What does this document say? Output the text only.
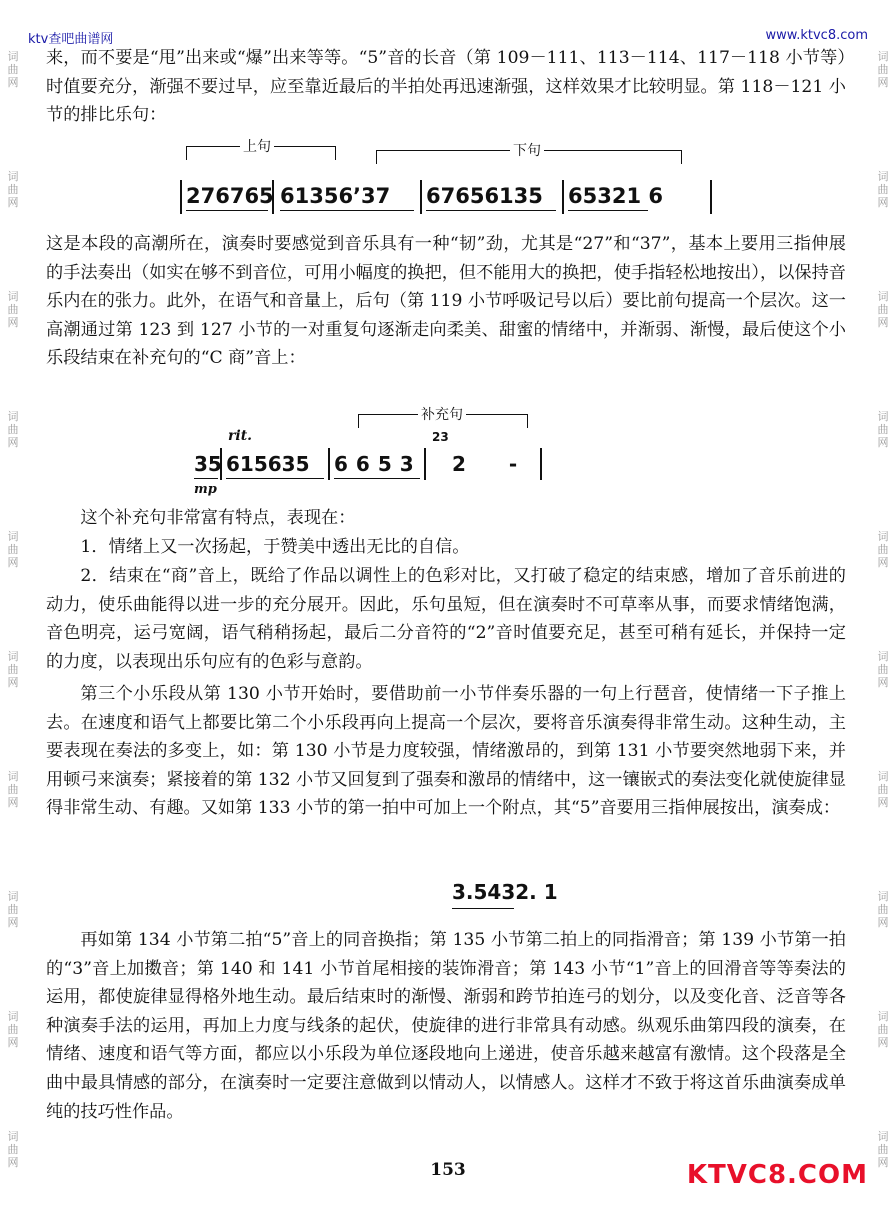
词
曲
网
词
曲
网
词
曲
网
词
曲
网
词
曲
网
词
曲
网
词
曲
网
词
曲
网
词
曲
网
词
曲
网
词
曲
网
词
曲
网
词
曲
网
词
曲
网
词
曲
网
词
曲
网
词
曲
网
词
曲
网
词
曲
网
词
曲
网
ktv查吧曲谱网	www.ktvc8.com

来，而不要是“甩”出来或“爆”出来等等。“5”音的长音（第 109－111、113－114、117－118 小节等）时值要充分，渐强不要过早，应至靠近最后的半拍处再迅速渐强，这样效果才比较明显。第 118－121 小节的排比乐句：

上句	下句
276765 61356’37 67656135 65321 6

这是本段的高潮所在，演奏时要感觉到音乐具有一种“韧”劲，尤其是“27”和“37”，基本上要用三指伸展的手法奏出（如实在够不到音位，可用小幅度的换把，但不能用大的换把，使手指轻松地按出），以保持音乐内在的张力。此外，在语气和音量上，后句（第 119 小节呼吸记号以后）要比前句提高一个层次。这一高潮通过第 123 到 127 小节的一对重复句逐渐走向柔美、甜蜜的情绪中，并渐弱、渐慢，最后使这个小乐段结束在补充句的“C 商”音上：

补充句
rit.	23
35 615635 6653 2 -
mp

这个补充句非常富有特点，表现在：

1．情绪上又一次扬起，于赞美中透出无比的自信。

2．结束在“商”音上，既给了作品以调性上的色彩对比，又打破了稳定的结束感，增加了音乐前进的动力，使乐曲能得以进一步的充分展开。因此，乐句虽短，但在演奏时不可草率从事，而要求情绪饱满，音色明亮，运弓宽阔，语气稍稍扬起，最后二分音符的“2”音时值要充足，甚至可稍有延长，并保持一定的力度，以表现出乐句应有的色彩与意韵。

第三个小乐段从第 130 小节开始时，要借助前一小节伴奏乐器的一句上行琶音，使情绪一下子推上去。在速度和语气上都要比第二个小乐段再向上提高一个层次，要将音乐演奏得非常生动。这种生动，主要表现在奏法的多变上，如：第 130 小节是力度较强，情绪激昂的，到第 131 小节要突然地弱下来，并用顿弓来演奏；紧接着的第 132 小节又回复到了强奏和激昂的情绪中，这一镶嵌式的奏法变化就使旋律显得非常生动、有趣。又如第 133 小节的第一拍中可加上一个附点，其“5”音要用三指伸展按出，演奏成：

3.5432. 1

再如第 134 小节第二拍“5”音上的同音换指；第 135 小节第二拍上的同指滑音；第 139 小节第一拍的“3”音上加擞音；第 140 和 141 小节首尾相接的装饰滑音；第 143 小节“1”音上的回滑音等等奏法的运用，都使旋律显得格外地生动。最后结束时的渐慢、渐弱和跨节拍连弓的划分，以及变化音、泛音等各种演奏手法的运用，再加上力度与线条的起伏，使旋律的进行非常具有动感。纵观乐曲第四段的演奏，在情绪、速度和语气等方面，都应以小乐段为单位逐段地向上递进，使音乐越来越富有激情。这个段落是全曲中最具情感的部分，在演奏时一定要注意做到以情动人，以情感人。这样才不致于将这首乐曲演奏成单纯的技巧性作品。

153	KTVC8.COM
